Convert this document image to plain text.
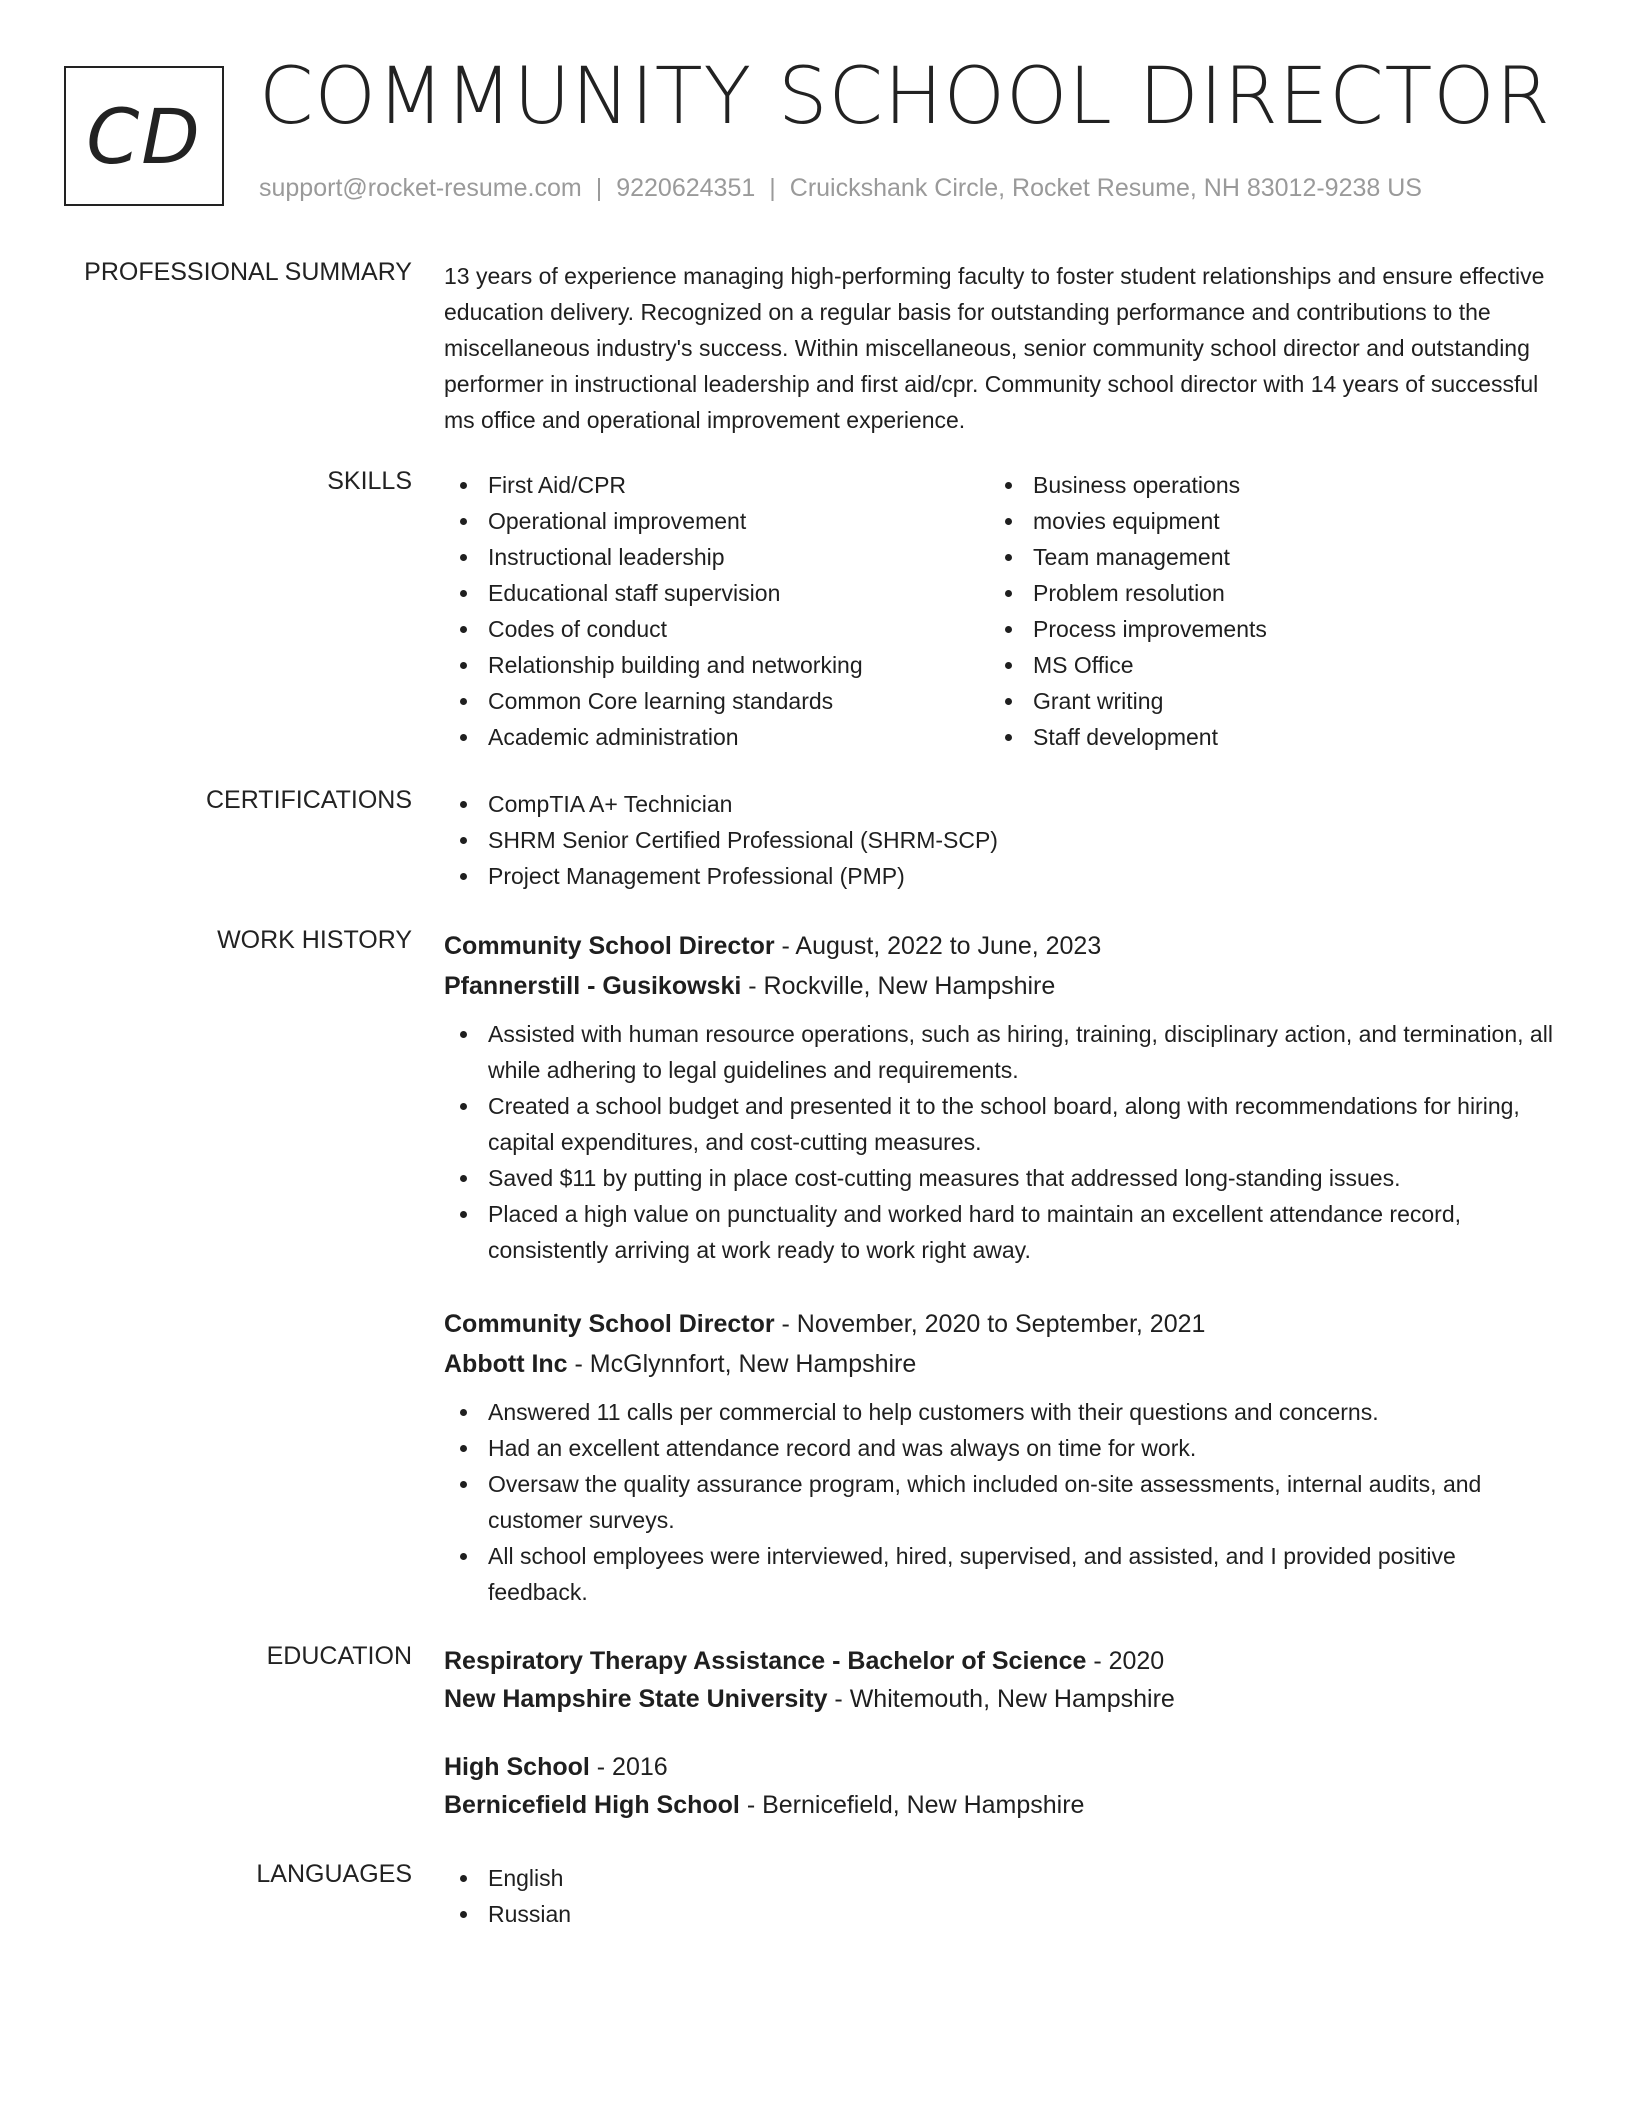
CD COMMUNITY SCHOOL DIRECTOR
support@rocket-resume.com | 9220624351 | Cruickshank Circle, Rocket Resume, NH 83012-9238 US
PROFESSIONAL SUMMARY 13 years of experience managing high-performing faculty to foster student relationships and ensure effective education delivery. Recognized on a regular basis for outstanding performance and contributions to the miscellaneous industry's success. Within miscellaneous, senior community school director and outstanding performer in instructional leadership and first aid/cpr. Community school director with 14 years of successful ms office and operational improvement experience.
SKILLS	First Aid/CPR
Operational improvement
Instructional leadership
Educational staff supervision
Codes of conduct
Relationship building and networking
Common Core learning standards
Academic administration
Business operations
movies equipment
Team management
Problem resolution
Process improvements
MS Office
Grant writing
Staff development
CERTIFICATIONS	CompTIA A+ Technician
SHRM Senior Certified Professional (SHRM-SCP)
Project Management Professional (PMP)
WORK HISTORY Community School Director - August, 2022 to June, 2023
Pfannerstill - Gusikowski - Rockville, New Hampshire
Assisted with human resource operations, such as hiring, training, disciplinary action, and termination, all while adhering to legal guidelines and requirements.
Created a school budget and presented it to the school board, along with recommendations for hiring, capital expenditures, and cost-cutting measures.
Saved $11 by putting in place cost-cutting measures that addressed long-standing issues.
Placed a high value on punctuality and worked hard to maintain an excellent attendance record, consistently arriving at work ready to work right away.
Community School Director - November, 2020 to September, 2021
Abbott Inc - McGlynnfort, New Hampshire
Answered 11 calls per commercial to help customers with their questions and concerns.
Had an excellent attendance record and was always on time for work.
Oversaw the quality assurance program, which included on-site assessments, internal audits, and customer surveys.
All school employees were interviewed, hired, supervised, and assisted, and I provided positive feedback.
EDUCATION Respiratory Therapy Assistance - Bachelor of Science - 2020
New Hampshire State University - Whitemouth, New Hampshire
High School - 2016
Bernicefield High School - Bernicefield, New Hampshire
LANGUAGES	English
Russian
